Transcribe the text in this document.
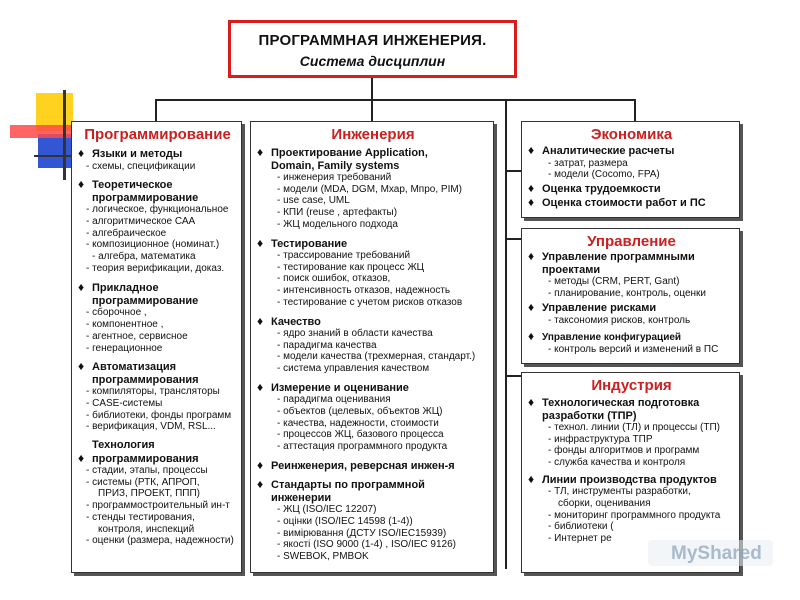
ПРОГРАММНАЯ ИНЖЕНЕРИЯ.
Система дисциплин
Программирование
♦ Языки и методы
- схемы, спецификации
♦ Теоретическое
программирование
- логическое, функциональное
- алгоритмическое САА
- алгебраическое
- композиционное (номинат.)
- алгебра, математика
- теория верификации, доказ.
♦ Прикладное
программирование
- сборочное ,
- компонентное ,
- агентное, сервисное
- генерационное
♦ Автоматизация
программирования
- компиляторы, трансляторы
- CASE-системы
- библиотеки, фонды программ
- верификация, VDM, RSL...
Технология
♦ программирования
- стадии, этапы, процессы
- системы (РТК, АПРОП,
ПРИЗ, ПРОЕКТ, ППП)
- программостроительный ин-т
- стенды тестирования,
контроля, инспекций
- оценки (размера, надежности)
Инженерия
♦ Проектирование Application,
Domain, Family systems
- инженерия требований
- модели (MDA, DGM, Мхар, Мпро, PIM)
- use case, UML
- КПИ (reuse , артефакты)
- ЖЦ модельного подхода
♦ Тестирование
- трассирование требований
- тестирование как процесс ЖЦ
- поиск ошибок, отказов,
- интенсивность отказов, надежность
- тестирование с учетом рисков отказов
♦ Качество
- ядро знаний в области качества
- парадигма качества
- модели качества (трехмерная, стандарт.)
- система управления качеством
♦ Измерение и оценивание
- парадигма оценивания
- объектов (целевых, объектов ЖЦ)
- качества, надежности, стоимости
- процессов ЖЦ, базового процесса
- аттестация программного продукта
♦ Реинженерия, реверсная инжен-я
♦ Стандарты по программной
инженерии
- ЖЦ (ISO/IEC 12207)
- оцінки (ISO/IEC 14598 (1-4))
- вимірювання (ДСТУ ISO/IEC15939)
- якості (ISO 9000 (1-4) , ISO/IEC 9126)
- SWEBOK, PMBOK
Экономика
♦ Аналитические расчеты
- затрат, размера
- модели (Cocomo, FPA)
♦ Оценка трудоемкости
♦ Оценка стоимости работ и ПС
Управление
♦ Управление программными
проектами
- методы (CRM, PERT, Gant)
- планирование, контроль, оценки
♦ Управление рисками
- таксономия рисков, контроль
♦ Управление конфигурацией
- контроль версий и изменений в ПС
Индустрия
♦ Технологическая подготовка
разработки (ТПР)
- технол. линии (ТЛ) и процессы (ТП)
- инфраструктура ТПР
- фонды алгоритмов и программ
- служба качества и контроля
♦ Линии производства продуктов
- ТЛ, инструменты разработки,
сборки, оценивания
- мониторинг программного продукта
- библиотеки (
- Интернет ре
MyShared
